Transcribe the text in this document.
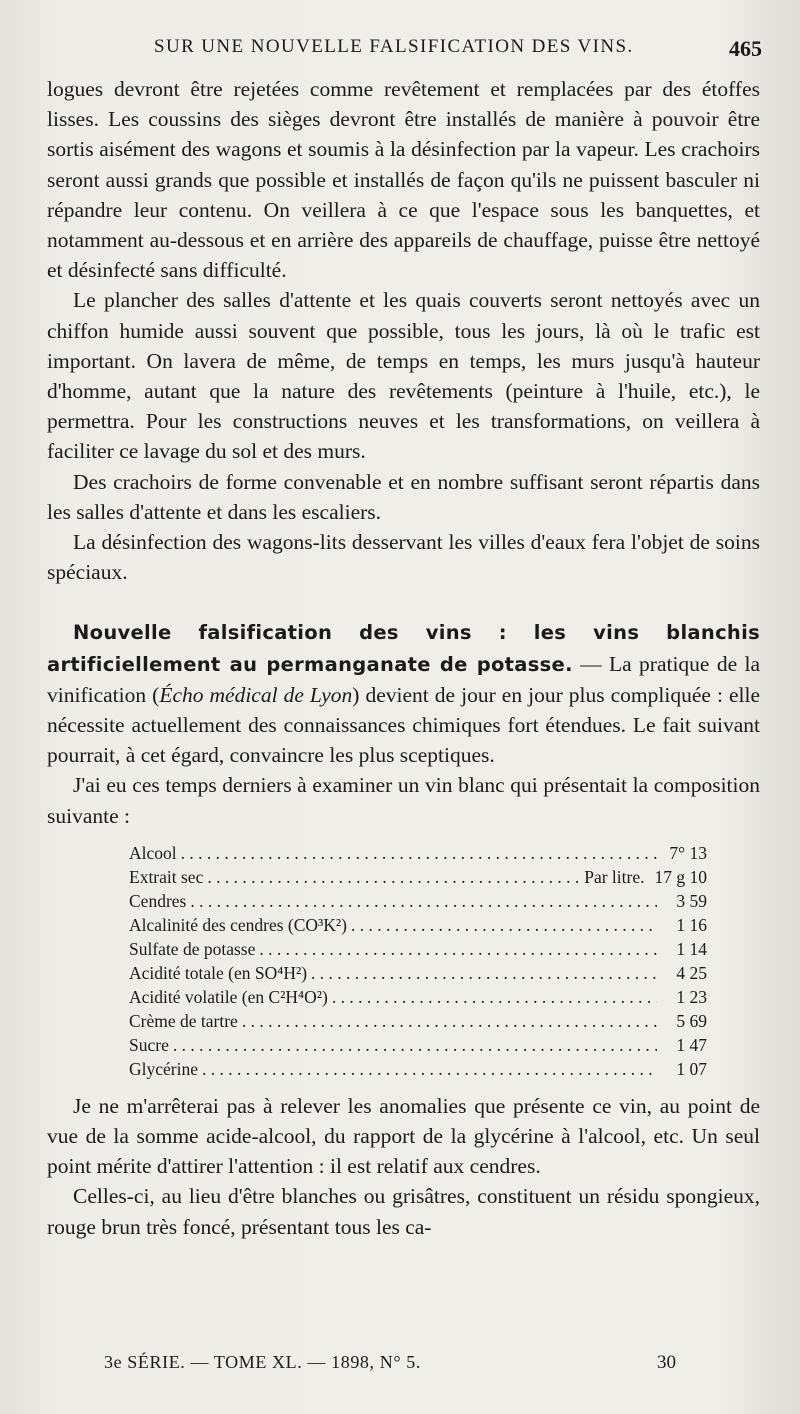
SUR UNE NOUVELLE FALSIFICATION DES VINS.	465

logues devront être rejetées comme revêtement et remplacées par des étoffes lisses. Les coussins des sièges devront être installés de manière à pouvoir être sortis aisément des wagons et soumis à la désinfection par la vapeur. Les crachoirs seront aussi grands que possible et installés de façon qu'ils ne puissent basculer ni répandre leur contenu. On veillera à ce que l'espace sous les banquettes, et notamment au-dessous et en arrière des appareils de chauffage, puisse être nettoyé et désinfecté sans difficulté.

Le plancher des salles d'attente et les quais couverts seront nettoyés avec un chiffon humide aussi souvent que possible, tous les jours, là où le trafic est important. On lavera de même, de temps en temps, les murs jusqu'à hauteur d'homme, autant que la nature des revêtements (peinture à l'huile, etc.), le permettra. Pour les constructions neuves et les transformations, on veillera à faciliter ce lavage du sol et des murs.

Des crachoirs de forme convenable et en nombre suffisant seront répartis dans les salles d'attente et dans les escaliers.

La désinfection des wagons-lits desservant les villes d'eaux fera l'objet de soins spéciaux.

Nouvelle falsification des vins : les vins blanchis artificiellement au permanganate de potasse. — La pratique de la vinification (Écho médical de Lyon) devient de jour en jour plus compliquée : elle nécessite actuellement des connaissances chimiques fort étendues. Le fait suivant pourrait, à cet égard, convaincre les plus sceptiques.

J'ai eu ces temps derniers à examiner un vin blanc qui présentait la composition suivante :

Alcool . . .	7° 13
Extrait sec . . .	Par litre. 17 g 10
Cendres . . .	3 59
Alcalinité des cendres (CO³K²) . . .	1 16
Sulfate de potasse . . .	1 14
Acidité totale (en SO⁴H²) . . .	4 25
Acidité volatile (en C²H⁴O²) . . .	1 23
Crème de tartre . . .	5 69
Sucre . . .	1 47
Glycérine . . .	1 07

Je ne m'arrêterai pas à relever les anomalies que présente ce vin, au point de vue de la somme acide-alcool, du rapport de la glycérine à l'alcool, etc. Un seul point mérite d'attirer l'attention : il est relatif aux cendres.

Celles-ci, au lieu d'être blanches ou grisâtres, constituent un résidu spongieux, rouge brun très foncé, présentant tous les ca-

3e SÉRIE. — TOME XL. — 1898, N° 5.	30
